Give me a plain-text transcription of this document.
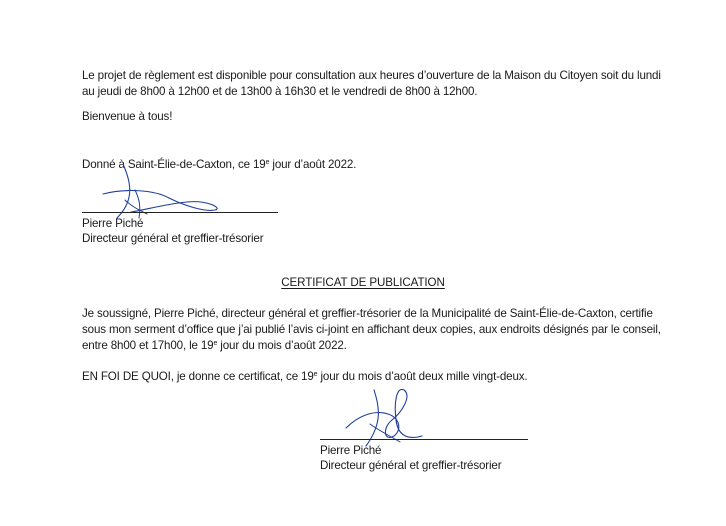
Le projet de règlement est disponible pour consultation aux heures d’ouverture de la Maison du Citoyen soit du lundi
au jeudi de 8h00 à 12h00 et de 13h00 à 16h30 et le vendredi de 8h00 à 12h00.

Bienvenue à tous!

Donné à Saint-Élie-de-Caxton, ce 19e jour d’août 2022.

Pierre Piché

Directeur général et greffier-trésorier

CERTIFICAT DE PUBLICATION

Je soussigné, Pierre Piché, directeur général et greffier-trésorier de la Municipalité de Saint-Élie-de-Caxton, certifie
sous mon serment d’office que j’ai publié l’avis ci-joint en affichant deux copies, aux endroits désignés par le conseil,
entre 8h00 et 17h00, le 19e jour du mois d’août 2022.

EN FOI DE QUOI, je donne ce certificat, ce 19e jour du mois d’août deux mille vingt-deux.

Pierre Piché

Directeur général et greffier-trésorier
